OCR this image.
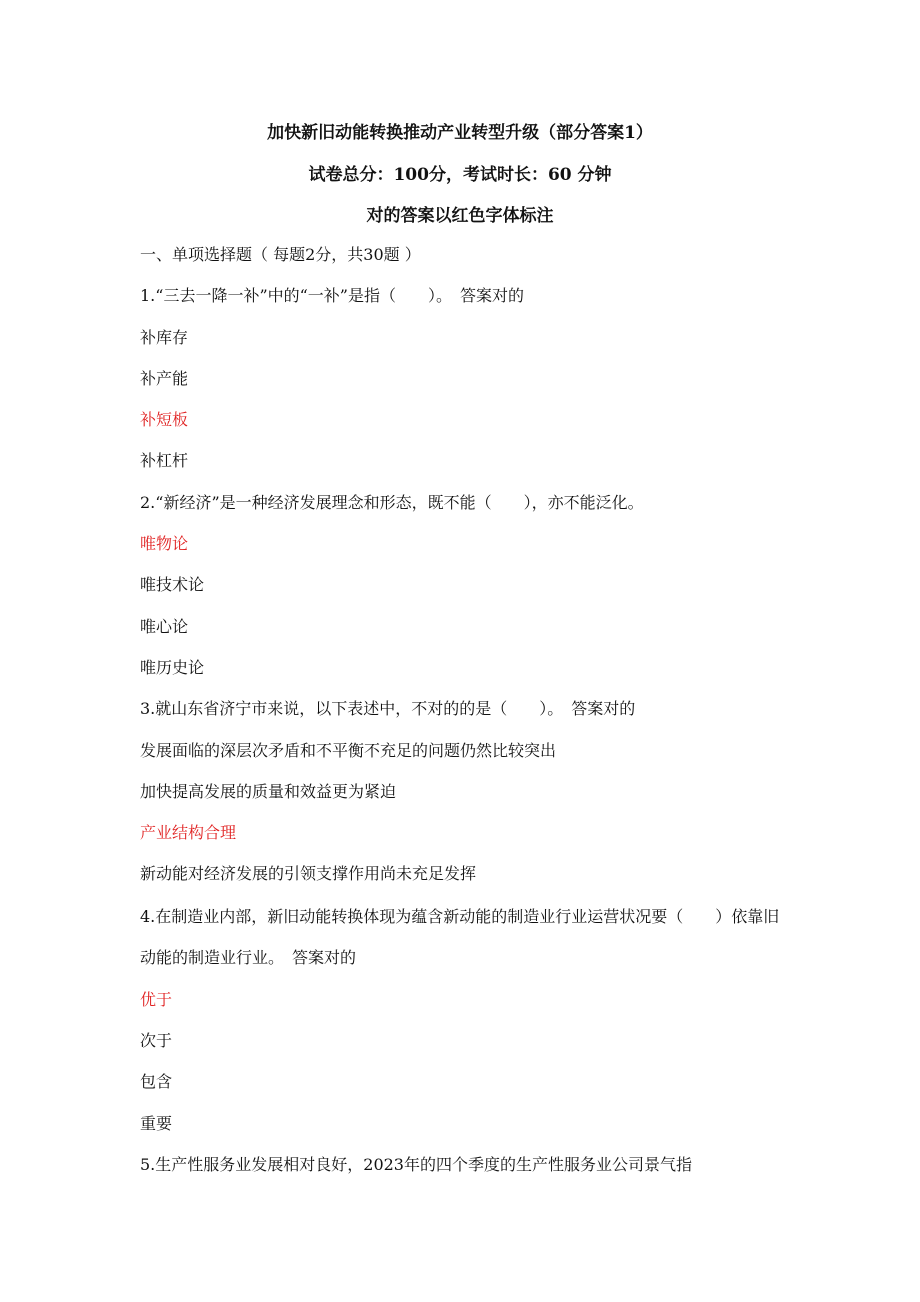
加快新旧动能转换推动产业转型升级（部分答案1）
试卷总分：100分，考试时长：60 分钟
对的答案以红色字体标注
一、单项选择题（ 每题2分，共30题 ）
1.“三去一降一补”中的“一补”是指（　　）。　答案对的
补库存
补产能
补短板
补杠杆
2.“新经济”是一种经济发展理念和形态，既不能（　　），亦不能泛化。
唯物论
唯技术论
唯心论
唯历史论
3.就山东省济宁市来说，以下表述中，不对的的是（　　）。　答案对的
发展面临的深层次矛盾和不平衡不充足的问题仍然比较突出
加快提高发展的质量和效益更为紧迫
产业结构合理
新动能对经济发展的引领支撑作用尚未充足发挥
4.在制造业内部，新旧动能转换体现为蕴含新动能的制造业行业运营状况要（　　）依靠旧动能的制造业行业。　答案对的
优于
次于
包含
重要
5.生产性服务业发展相对良好，2023年的四个季度的生产性服务业公司景气指
